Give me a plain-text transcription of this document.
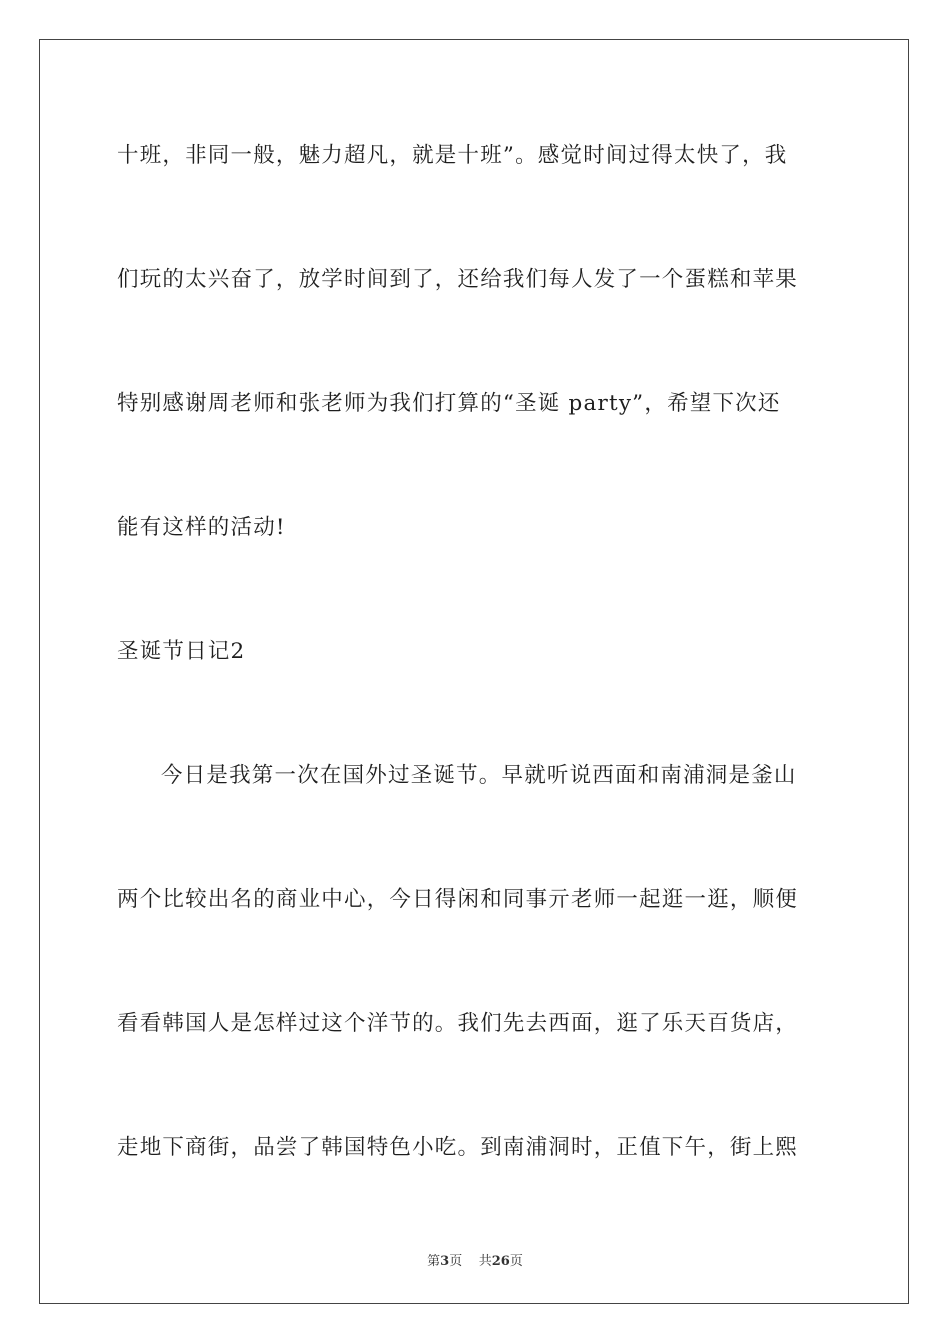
十班，非同一般，魅力超凡，就是十班”。感觉时间过得太快了，我
们玩的太兴奋了，放学时间到了，还给我们每人发了一个蛋糕和苹果
特别感谢周老师和张老师为我们打算的“圣诞 party”，希望下次还
能有这样的活动!
圣诞节日记2
今日是我第一次在国外过圣诞节。早就听说西面和南浦洞是釜山
两个比较出名的商业中心，今日得闲和同事亓老师一起逛一逛，顺便
看看韩国人是怎样过这个洋节的。我们先去西面，逛了乐天百货店，
走地下商街，品尝了韩国特色小吃。到南浦洞时，正值下午，街上熙
第3页 共26页
